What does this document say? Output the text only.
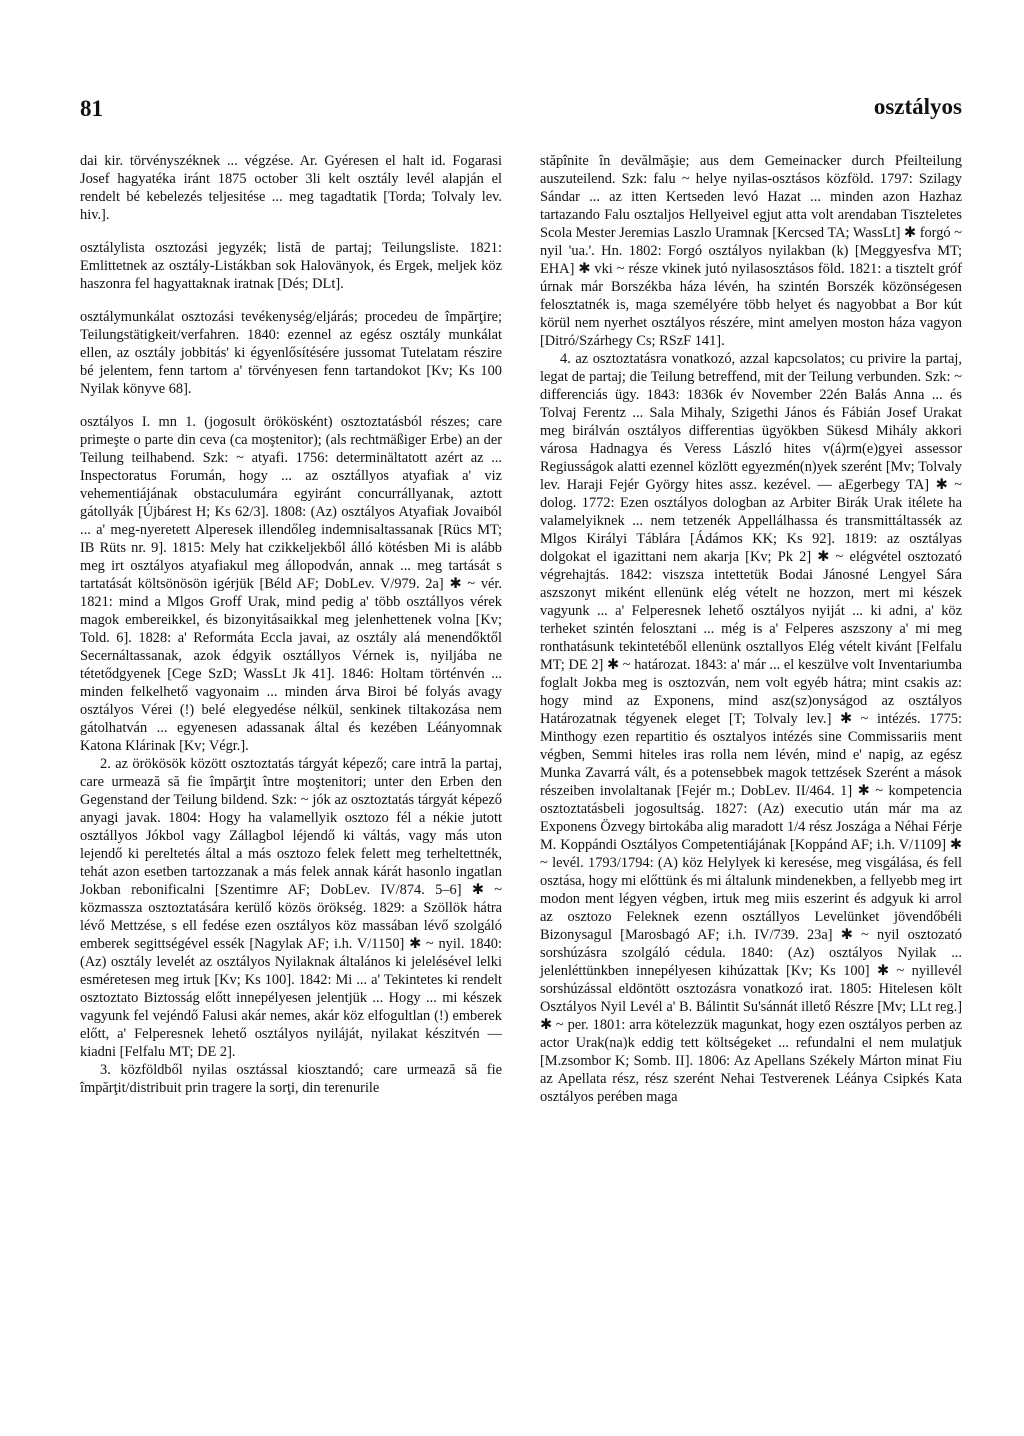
81	osztályos

dai kir. törvényszéknek ... végzése. Ar. Gyéresen el halt id. Fogarasi Josef hagyatéka iránt 1875 october 3li kelt osztály levél alapján el rendelt bé kebelezés teljesitése ... meg tagadtatik [Torda; Tolvaly lev. hiv.].

osztálylista osztozási jegyzék; listă de partaj; Teilungsliste. 1821: Emlittetnek az osztály-Listákban sok Halovänyok, és Ergek, meljek köz haszonra fel hagyattaknak iratnak [Dés; DLt].

osztálymunkálat osztozási tevékenység/eljárás; procedeu de împărţire; Teilungstätigkeit/verfahren. 1840: ezennel az egész osztály munkálat ellen, az osztály jobbitás' ki égyenlősítésére jussomat Tutelatam részire bé jelentem, fenn tartom a' törvényesen fenn tartandokot [Kv; Ks 100 Nyilak könyve 68].

osztályos I. mn 1. (jogosult örökösként) osztoztatásból részes; care primeşte o parte din ceva (ca moştenitor); (als rechtmäßiger Erbe) an der Teilung teilhabend. Szk: ~ atyafi. 1756: determinältatott azért az ... Inspectoratus Forumán, hogy ... az osztállyos atyafiak a' viz vehementiájának obstaculumára egyiránt concurrállyanak, aztott gátollyák [Újbárest H; Ks 62/3]. 1808: (Az) osztályos Atyafiak Jovaiból ... a' meg-nyeretett Alperesek illendőleg indemnisaltassanak [Rücs MT; IB Rüts nr. 9]. 1815: Mely hat czikkeljekből álló kötésben Mi is alább meg irt osztályos atyafiakul meg állopodván, annak ... meg tartását s tartatását költsönösön igérjük [Béld AF; DobLev. V/979. 2a] ✱ ~ vér. 1821: mind a Mlgos Groff Urak, mind pedig a' több osztállyos vérek magok embereikkel, és bizonyitásaikkal meg jelenhettenek volna [Kv; Told. 6]. 1828: a' Reformáta Eccla javai, az osztály alá menendőktől Secernáltassanak, azok édgyik osztállyos Vérnek is, nyiljába ne tétetődgyenek [Cege SzD; WassLt Jk 41]. 1846: Holtam történvén ... minden felkelhető vagyonaim ... minden árva Biroi bé folyás avagy osztályos Vérei (!) belé elegyedése nélkül, senkinek tiltakozása nem gátolhatván ... egyenesen adassanak által és kezében Léányomnak Katona Klárinak [Kv; Végr.].

2. az örökösök között osztoztatás tárgyát képező; care intră la partaj, care urmează să fie împărţit între moştenitori; unter den Erben den Gegenstand der Teilung bildend. Szk: ~ jók az osztoztatás tárgyát képező anyagi javak. 1804: Hogy ha valamellyik osztozo fél a nékie jutott osztállyos Jókbol vagy Zállagbol léjendő ki váltás, vagy más uton lejendő ki pereltetés által a más osztozo felek felett meg terheltettnék, tehát azon esetben tartozzanak a más felek annak kárát hasonlo ingatlan Jokban rebonificalni [Szentimre AF; DobLev. IV/874. 5–6] ✱ ~ közmassza osztoztatására kerülő közös örökség. 1829: a Szöllök hátra lévő Mettzése, s ell fedése ezen osztályos köz massában lévő szolgáló emberek segittségével essék [Nagylak AF; i.h. V/1150] ✱ ~ nyil. 1840: (Az) osztály levelét az osztályos Nyilaknak általános ki jelelésével lelki esméretesen meg irtuk [Kv; Ks 100]. 1842: Mi ... a' Tekintetes ki rendelt osztoztato Biztosság előtt innepélyesen jelentjük ... Hogy ... mi készek vagyunk fel vejéndő Falusi akár nemes, akár köz elfogultlan (!) emberek előtt, a' Felperesnek lehető osztályos nyiláját, nyilakat készitvén — kiadni [Felfalu MT; DE 2].

3. közföldből nyilas osztással kiosztandó; care urmează să fie împărţit/distribuit prin tragere la sorţi, din terenurile

stăpînite în devălmăşie; aus dem Gemeinacker durch Pfeilteilung auszuteilend. Szk: falu ~ helye nyilas-osztásos közföld. 1797: Szilagy Sándar ... az itten Kertseden levó Hazat ... minden azon Hazhaz tartazando Falu osztaljos Hellyeivel egjut atta volt arendaban Tiszteletes Scola Mester Jeremias Laszlo Uramnak [Kercsed TA; WassLt] ✱ forgó ~ nyil 'ua.'. Hn. 1802: Forgó osztályos nyilakban (k) [Meggyesfva MT; EHA] ✱ vki ~ része vkinek jutó nyilasosztásos föld. 1821: a tisztelt gróf úrnak már Borszékba háza lévén, ha szintén Borszék közönségesen felosztatnék is, maga személyére több helyet és nagyobbat a Bor kút körül nem nyerhet osztályos részére, mint amelyen moston háza vagyon [Ditró/Szárhegy Cs; RSzF 141].

4. az osztoztatásra vonatkozó, azzal kapcsolatos; cu privire la partaj, legat de partaj; die Teilung betreffend, mit der Teilung verbunden. Szk: ~ differenciás ügy. 1843: 1836k év November 22én Balás Anna ... és Tolvaj Ferentz ... Sala Mihaly, Szigethi János és Fábián Josef Urakat meg birálván osztályos differentias ügyökben Sükesd Mihály akkori városa Hadnagya és Veress László hites v(á)rm(e)gyei assessor Regiusságok alatti ezennel közlött egyezmén(n)yek szerént [Mv; Tolvaly lev. Haraji Fejér György hites assz. kezével. — aEgerbegy TA] ✱ ~ dolog. 1772: Ezen osztályos dologban az Arbiter Birák Urak itélete ha valamelyiknek ... nem tetzenék Appellálhassa és transmittáltassék az Mlgos Királyi Táblára [Ádámos KK; Ks 92]. 1819: az osztályas dolgokat el igazittani nem akarja [Kv; Pk 2] ✱ ~ elégvétel osztozató végrehajtás. 1842: viszsza intettetük Bodai Jánosné Lengyel Sára aszszonyt miként ellenünk elég vételt ne hozzon, mert mi készek vagyunk ... a' Felperesnek lehető osztályos nyiját ... ki adni, a' köz terheket szintén felosztani ... még is a' Felperes aszszony a' mi meg ronthatásunk tekintetéből ellenünk osztallyos Elég vételt kivánt [Felfalu MT; DE 2] ✱ ~ határozat. 1843: a' már ... el keszülve volt Inventariumba foglalt Jokba meg is osztozván, nem volt egyéb hátra; mint csakis az: hogy mind az Exponens, mind asz(sz)onyságod az osztályos Határozatnak tégyenek eleget [T; Tolvaly lev.] ✱ ~ intézés. 1775: Minthogy ezen repartitio és osztalyos intézés sine Commissariis ment végben, Semmi hiteles iras rolla nem lévén, mind e' napig, az egész Munka Zavarrá vált, és a potensebbek magok tettzések Szerént a mások részeiben involaltanak [Fejér m.; DobLev. II/464. 1] ✱ ~ kompetencia osztoztatásbeli jogosultság. 1827: (Az) executio után már ma az Exponens Özvegy birtokába alig maradott 1/4 rész Joszága a Néhai Férje M. Koppándi Osztályos Competentiájának [Koppánd AF; i.h. V/1109] ✱ ~ levél. 1793/1794: (A) köz Helylyek ki keresése, meg visgálása, és fell osztása, hogy mi előttünk és mi általunk mindenekben, a fellyebb meg irt modon ment légyen végben, irtuk meg miis eszerint és adgyuk ki arrol az osztozo Feleknek ezenn osztállyos Levelünket jövendőbéli Bizonysagul [Marosbagó AF; i.h. IV/739. 23a] ✱ ~ nyil osztozató sorshúzásra szolgáló cédula. 1840: (Az) osztályos Nyilak ... jelenléttünkben innepélyesen kihúzattak [Kv; Ks 100] ✱ ~ nyillevél sorshúzással eldöntött osztozásra vonatkozó irat. 1805: Hitelesen költ Osztályos Nyil Levél a' B. Bálintit Su'sánnát illető Részre [Mv; LLt reg.] ✱ ~ per. 1801: arra kötelezzük magunkat, hogy ezen osztályos perben az actor Urak(na)k eddig tett költségeket ... refundalni el nem mulatjuk [M.zsombor K; Somb. II]. 1806: Az Apellans Székely Márton minat Fiu az Apellata rész, rész szerént Nehai Testverenek Léánya Csipkés Kata osztályos perében maga
